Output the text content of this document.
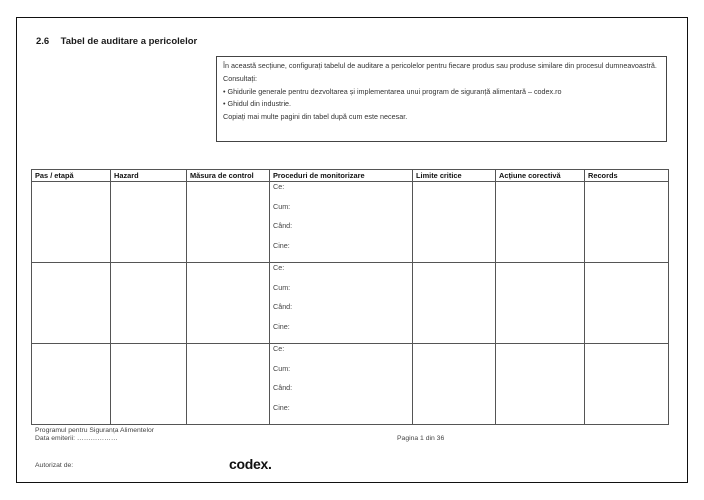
2.6 Tabel de auditare a pericolelor

În această secțiune, configurați tabelul de auditare a pericolelor pentru fiecare produs sau produse similare din procesul dumneavoastră.

Consultați:

• Ghidurile generale pentru dezvoltarea și implementarea unui program de siguranță alimentară – codex.ro

• Ghidul din industrie.

Copiați mai multe pagini din tabel după cum este necesar.

Pas / etapă	Hazard	Măsura de control	Proceduri de monitorizare	Limite critice	Acțiune corectivă	Records

			Ce:
Cum:
Când:
Cine:			

			Ce:
Cum:
Când:
Cine:			

			Ce:
Cum:
Când:
Cine:			

Programul pentru Siguranța Alimentelor
Data emiterii: ………………	Pagina 1 din 36
Autorizat de:	codex.
